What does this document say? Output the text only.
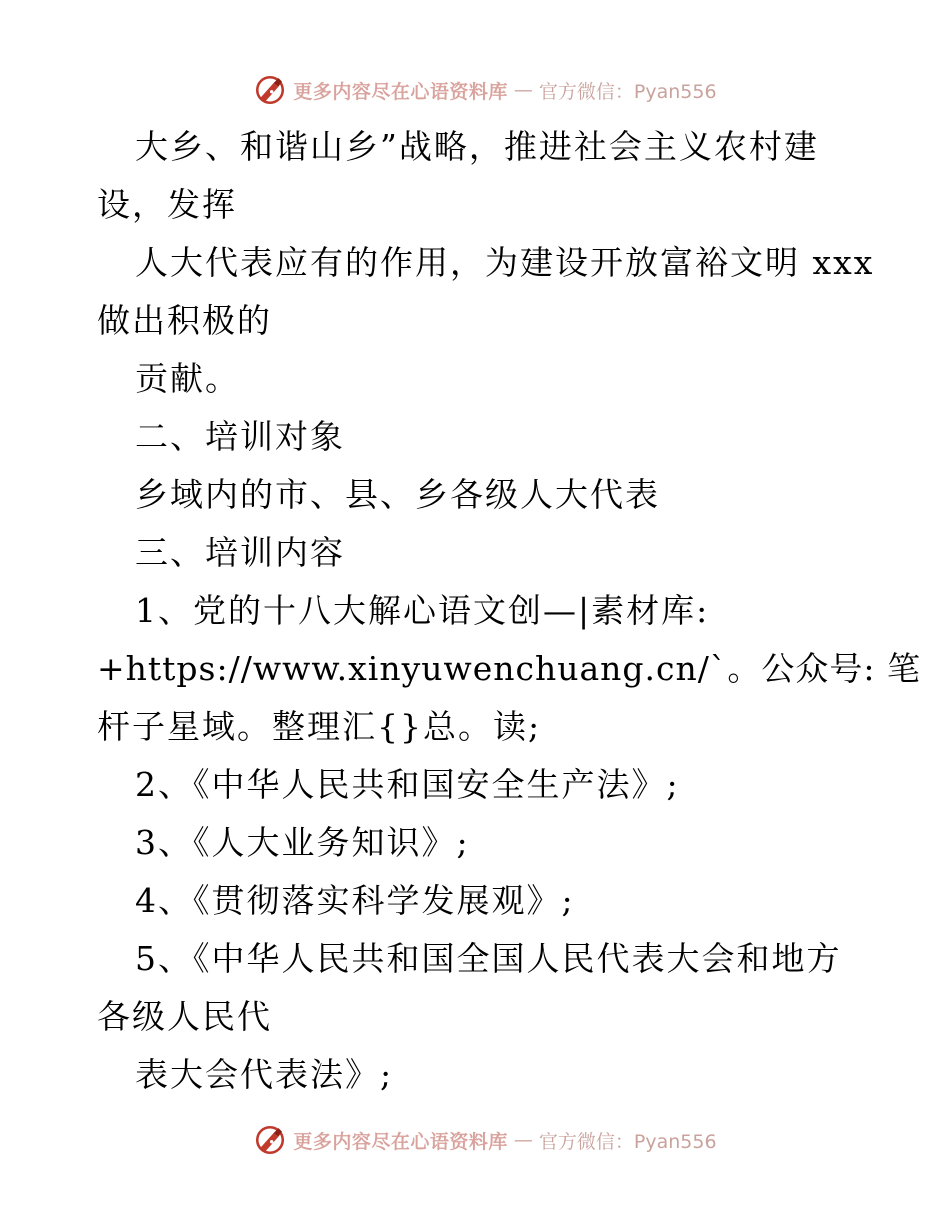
更多内容尽在心语资料库 — 官方微信：Pyan556
大乡、和谐山乡”战略，推进社会主义农村建
设，发挥
人大代表应有的作用，为建设开放富裕文明 xxx
做出积极的
贡献。
二、培训对象
乡域内的市、县、乡各级人大代表
三、培训内容
1、党的十八大解心语文创—|素材库:
+https://www.xinyuwenchuang.cn/`。公众号: 笔
杆子星域。整理汇{}总。读;
2、《中华人民共和国安全生产法》;
3、《人大业务知识》;
4、《贯彻落实科学发展观》;
5、《中华人民共和国全国人民代表大会和地方
各级人民代
表大会代表法》;
更多内容尽在心语资料库 — 官方微信：Pyan556
